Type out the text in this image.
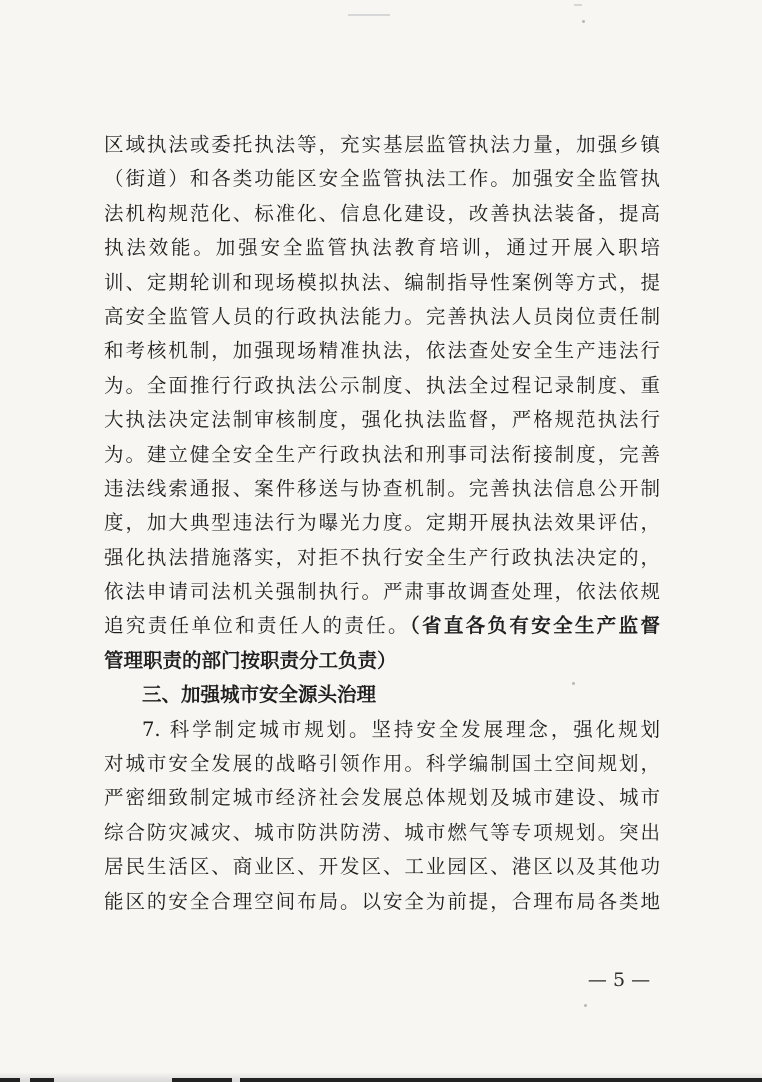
区域执法或委托执法等，充实基层监管执法力量，加强乡镇
（街道）和各类功能区安全监管执法工作。加强安全监管执
法机构规范化、标准化、信息化建设，改善执法装备，提高
执法效能。加强安全监管执法教育培训，通过开展入职培
训、定期轮训和现场模拟执法、编制指导性案例等方式，提
高安全监管人员的行政执法能力。完善执法人员岗位责任制
和考核机制，加强现场精准执法，依法查处安全生产违法行
为。全面推行行政执法公示制度、执法全过程记录制度、重
大执法决定法制审核制度，强化执法监督，严格规范执法行
为。建立健全安全生产行政执法和刑事司法衔接制度，完善
违法线索通报、案件移送与协查机制。完善执法信息公开制
度，加大典型违法行为曝光力度。定期开展执法效果评估，
强化执法措施落实，对拒不执行安全生产行政执法决定的，
依法申请司法机关强制执行。严肃事故调查处理，依法依规
追究责任单位和责任人的责任。（省直各负有安全生产监督
管理职责的部门按职责分工负责）
三、加强城市安全源头治理
7. 科学制定城市规划。坚持安全发展理念，强化规划
对城市安全发展的战略引领作用。科学编制国土空间规划，
严密细致制定城市经济社会发展总体规划及城市建设、城市
综合防灾减灾、城市防洪防涝、城市燃气等专项规划。突出
居民生活区、商业区、开发区、工业园区、港区以及其他功
能区的安全合理空间布局。以安全为前提，合理布局各类地
— 5 —
